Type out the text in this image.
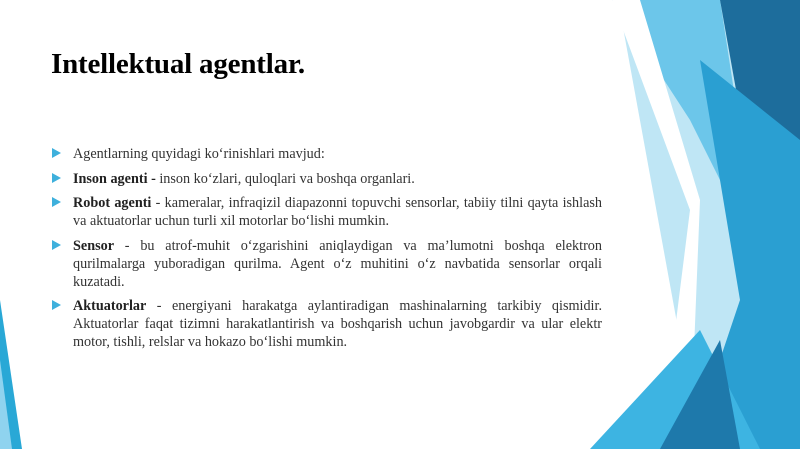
Intellektual agentlar.
Agentlarning quyidagi ko‘rinishlari mavjud:
Inson agenti - inson ko‘zlari, quloqlari va boshqa organlari.
Robot agenti - kameralar, infraqizil diapazonni topuvchi sensorlar, tabiiy tilni qayta ishlash va aktuatorlar uchun turli xil motorlar bo‘lishi mumkin.
Sensor - bu atrof-muhit o‘zgarishini aniqlaydigan va ma’lumotni boshqa elektron qurilmalarga yuboradigan qurilma. Agent o‘z muhitini o‘z navbatida sensorlar orqali kuzatadi.
Aktuatorlar - energiyani harakatga aylantiradigan mashinalarning tarkibiy qismidir. Aktuatorlar faqat tizimni harakatlantirish va boshqarish uchun javobgardir va ular elektr motor, tishli, relslar va hokazo bo‘lishi mumkin.
